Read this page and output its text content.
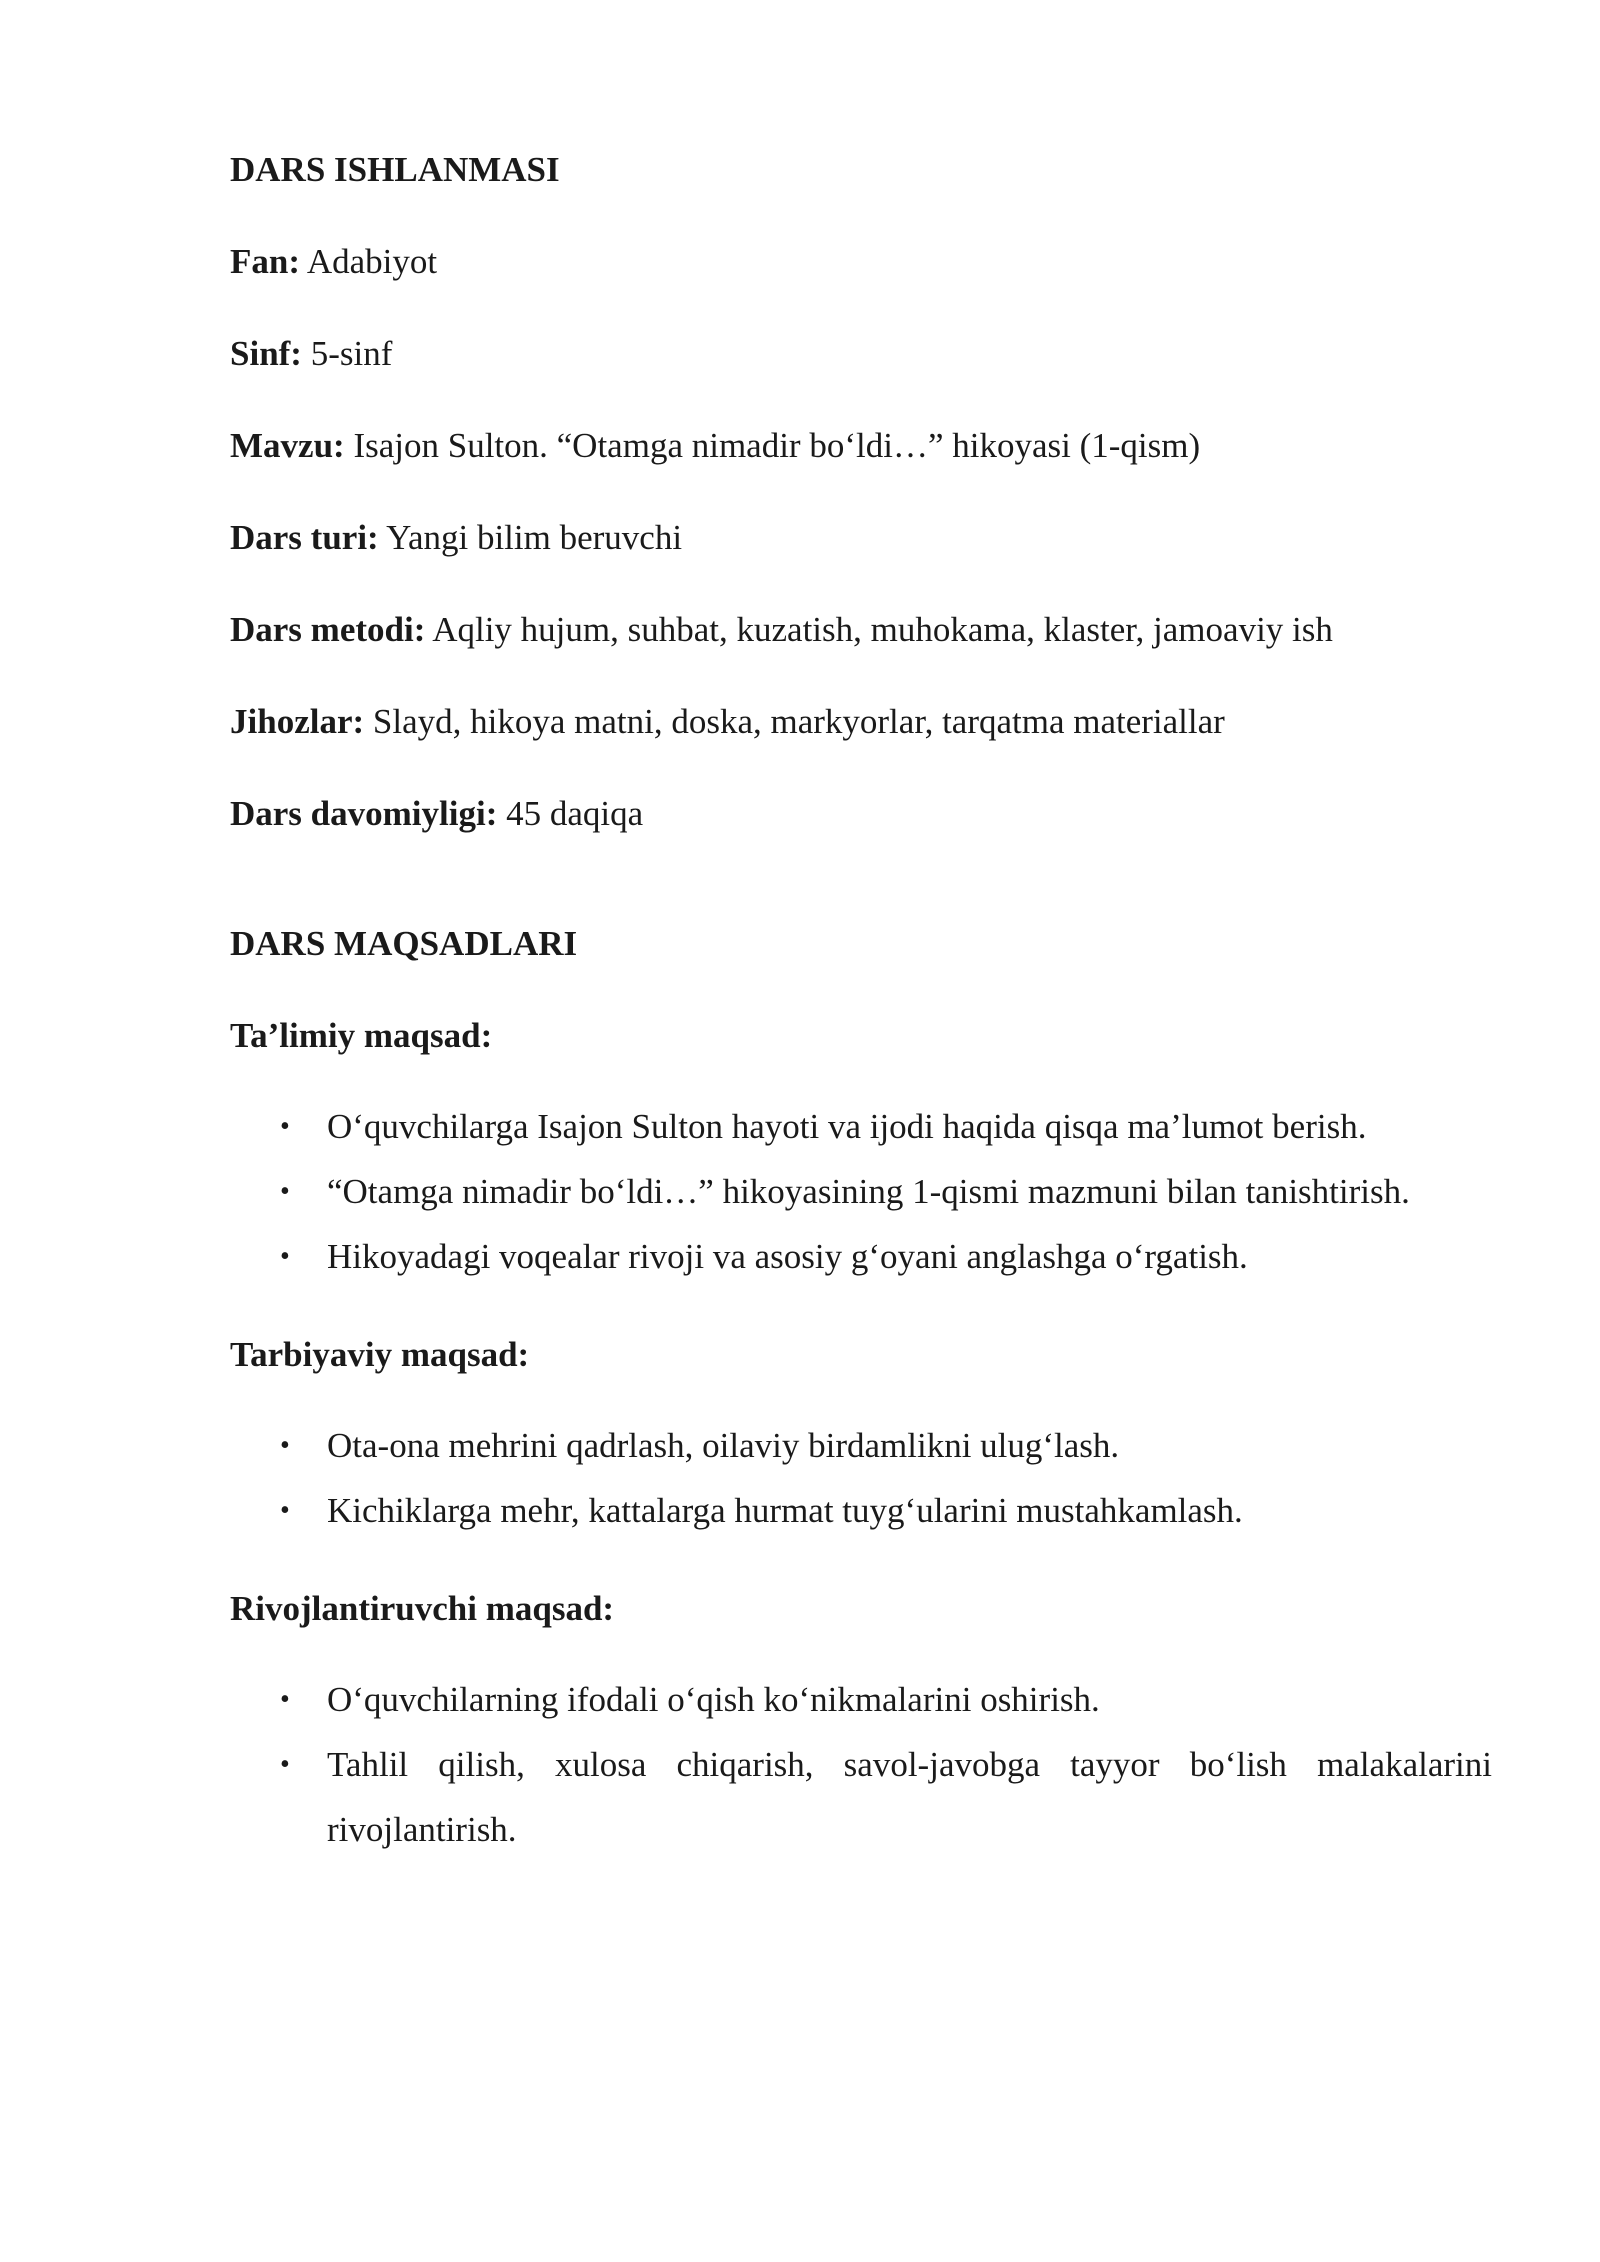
DARS ISHLANMASI

Fan: Adabiyot

Sinf: 5-sinf

Mavzu: Isajon Sulton. “Otamga nimadir bo‘ldi…” hikoyasi (1-qism)

Dars turi: Yangi bilim beruvchi

Dars metodi: Aqliy hujum, suhbat, kuzatish, muhokama, klaster, jamoaviy ish

Jihozlar: Slayd, hikoya matni, doska, markyorlar, tarqatma materiallar

Dars davomiyligi: 45 daqiqa

DARS MAQSADLARI
Ta’limiy maqsad:
• O‘quvchilarga Isajon Sulton hayoti va ijodi haqida qisqa ma’lumot berish.
• “Otamga nimadir bo‘ldi…” hikoyasining 1-qismi mazmuni bilan tanishtirish.
• Hikoyadagi voqealar rivoji va asosiy g‘oyani anglashga o‘rgatish.
Tarbiyaviy maqsad:
• Ota-ona mehrini qadrlash, oilaviy birdamlikni ulug‘lash.
• Kichiklarga mehr, kattalarga hurmat tuyg‘ularini mustahkamlash.
Rivojlantiruvchi maqsad:
• O‘quvchilarning ifodali o‘qish ko‘nikmalarini oshirish.
• Tahlil qilish, xulosa chiqarish, savol-javobga tayyor bo‘lish malakalarini rivojlantirish.
